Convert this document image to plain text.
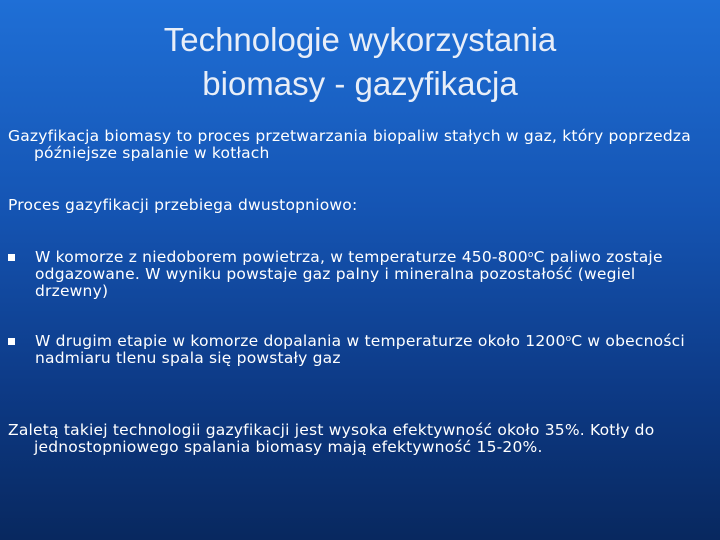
Technologie wykorzystania
biomasy - gazyfikacja

Gazyfikacja biomasy to proces przetwarzania biopaliw stałych w gaz, który poprzedza późniejsze spalanie w kotłach

Proces gazyfikacji przebiega dwustopniowo:

W komorze z niedoborem powietrza, w temperaturze 450-800$^o$C paliwo zostaje odgazowane. W wyniku powstaje gaz palny i mineralna pozostałość (wegiel drzewny)

W drugim etapie w komorze dopalania w temperaturze około 1200$^o$C w obecności nadmiaru tlenu spala się powstały gaz

Zaletą takiej technologii gazyfikacji jest wysoka efektywność około 35%. Kotły do jednostopniowego spalania biomasy mają efektywność 15-20%.
